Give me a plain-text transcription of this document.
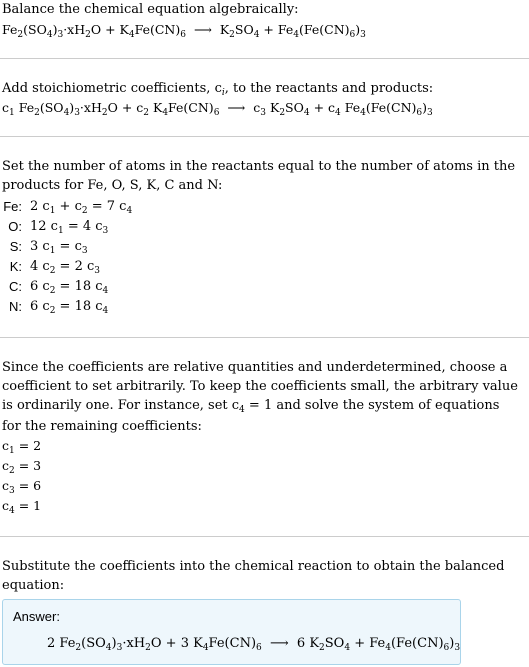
Balance the chemical equation algebraically:
$Fe_2(SO_4)_3\cdot xH_2O + K_4Fe(CN)_6$  ⟶  $K_2SO_4 + Fe_4(Fe(CN)_6)_3$
Add stoichiometric coefficients, $c_i$, to the reactants and products:
$c_1$ $Fe_2(SO_4)_3\cdot xH_2O + c_2$ $K_4Fe(CN)_6$  ⟶  $c_3$ $K_2SO_4 + c_4$ $Fe_4(Fe(CN)_6)_3$
Set the number of atoms in the reactants equal to the number of atoms in the products for Fe, O, S, K, C and N:
Fe: 2 $c_1 + c_2 = 7$ $c_4$
O: 12 $c_1 = 4$ $c_3$
S: 3 $c_1 = c_3$
K: 4 $c_2 = 2$ $c_3$
C: 6 $c_2 = 18$ $c_4$
N: 6 $c_2 = 18$ $c_4$
Since the coefficients are relative quantities and underdetermined, choose a coefficient to set arbitrarily. To keep the coefficients small, the arbitrary value is ordinarily one. For instance, set $c_4 = 1$ and solve the system of equations for the remaining coefficients:
$c_1 = 2$
$c_2 = 3$
$c_3 = 6$
$c_4 = 1$
Substitute the coefficients into the chemical reaction to obtain the balanced equation:
Answer:
2 $Fe_2(SO_4)_3\cdot xH_2O + 3$ $K_4Fe(CN)_6$  ⟶  6 $K_2SO_4 + Fe_4(Fe(CN)_6)_3$
